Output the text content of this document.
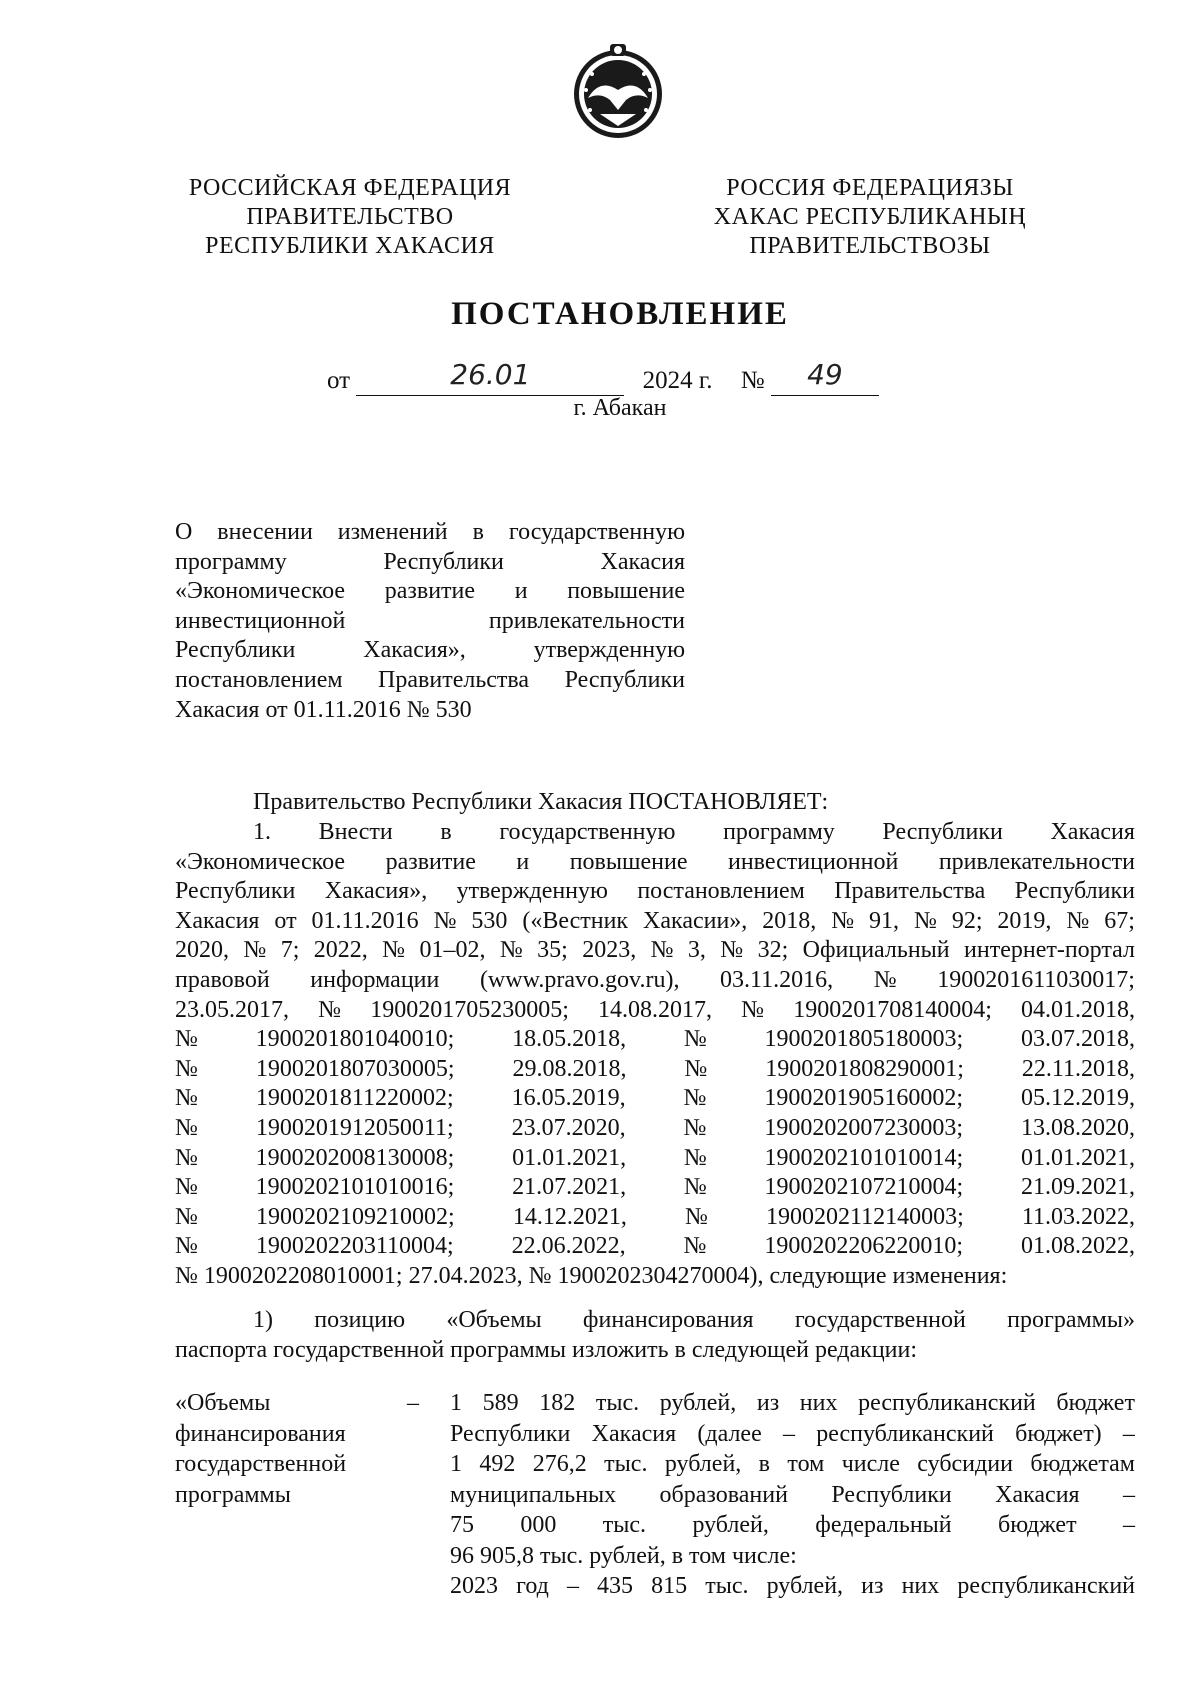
РОССИЙСКАЯ ФЕДЕРАЦИЯ
ПРАВИТЕЛЬСТВО
РЕСПУБЛИКИ ХАКАСИЯ
РОССИЯ ФЕДЕРАЦИЯЗЫ
ХАКАС РЕСПУБЛИКАНЫҢ
ПРАВИТЕЛЬСТВОЗЫ
ПОСТАНОВЛЕНИЕ
от	26.01	2024 г. № 49
г. Абакан
О внесении изменений в государственную
программу Республики Хакасия
«Экономическое развитие и повышение
инвестиционной привлекательности
Республики Хакасия», утвержденную
постановлением Правительства Республики
Хакасия от 01.11.2016 № 530
Правительство Республики Хакасия ПОСТАНОВЛЯЕТ:
1. Внести в государственную программу Республики Хакасия
«Экономическое развитие и повышение инвестиционной привлекательности
Республики Хакасия», утвержденную постановлением Правительства Республики
Хакасия от 01.11.2016 № 530 («Вестник Хакасии», 2018, № 91, № 92; 2019, № 67;
2020, № 7; 2022, № 01–02, № 35; 2023, № 3, № 32; Официальный интернет-портал
правовой информации (www.pravo.gov.ru), 03.11.2016, № 1900201611030017;
23.05.2017, № 1900201705230005; 14.08.2017, № 1900201708140004; 04.01.2018,
№ 1900201801040010; 18.05.2018, № 1900201805180003; 03.07.2018,
№ 1900201807030005; 29.08.2018, № 1900201808290001; 22.11.2018,
№ 1900201811220002; 16.05.2019, № 1900201905160002; 05.12.2019,
№ 1900201912050011; 23.07.2020, № 1900202007230003; 13.08.2020,
№ 1900202008130008; 01.01.2021, № 1900202101010014; 01.01.2021,
№ 1900202101010016; 21.07.2021, № 1900202107210004; 21.09.2021,
№ 1900202109210002; 14.12.2021, № 1900202112140003; 11.03.2022,
№ 1900202203110004; 22.06.2022, № 1900202206220010; 01.08.2022,
№ 1900202208010001; 27.04.2023, № 1900202304270004), следующие изменения:
1) позицию «Объемы финансирования государственной программы»
паспорта государственной программы изложить в следующей редакции:
«Объемы
финансирования
государственной
программы
– 1 589 182 тыс. рублей, из них республиканский бюджет
Республики Хакасия (далее – республиканский бюджет) –
1 492 276,2 тыс. рублей, в том числе субсидии бюджетам
муниципальных образований Республики Хакасия –
75 000 тыс. рублей, федеральный бюджет –
96 905,8 тыс. рублей, в том числе:
2023 год – 435 815 тыс. рублей, из них республиканский
